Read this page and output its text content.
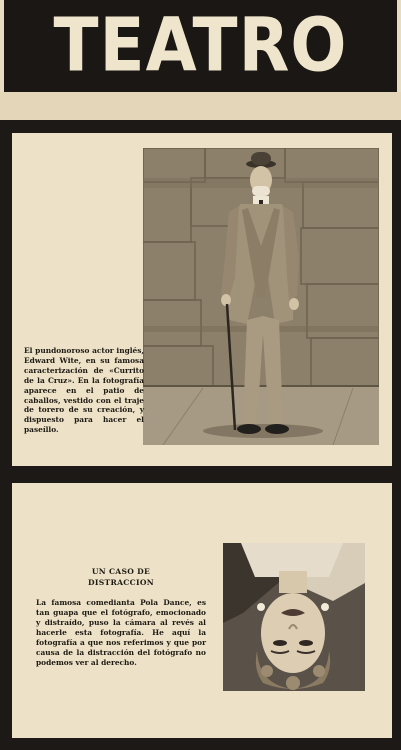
TEATRO

El pundonoroso actor inglés, Edward Wite, en su famosa caracterización de «Currito de la Cruz». En la fotografía aparece en el patio de caballos, vestido con el traje de torero de su creación, y dispuesto para hacer el paseíllo.

UN CASO DE
DISTRACCION

La famosa comedianta Pola Dance, es tan guapa que el fotógrafo, emocionado y distraído, puso la cámara al revés al hacerle esta fotografía. He aquí la fotografía a que nos referimos y que por causa de la distracción del fotógrafo no podemos ver al derecho.
